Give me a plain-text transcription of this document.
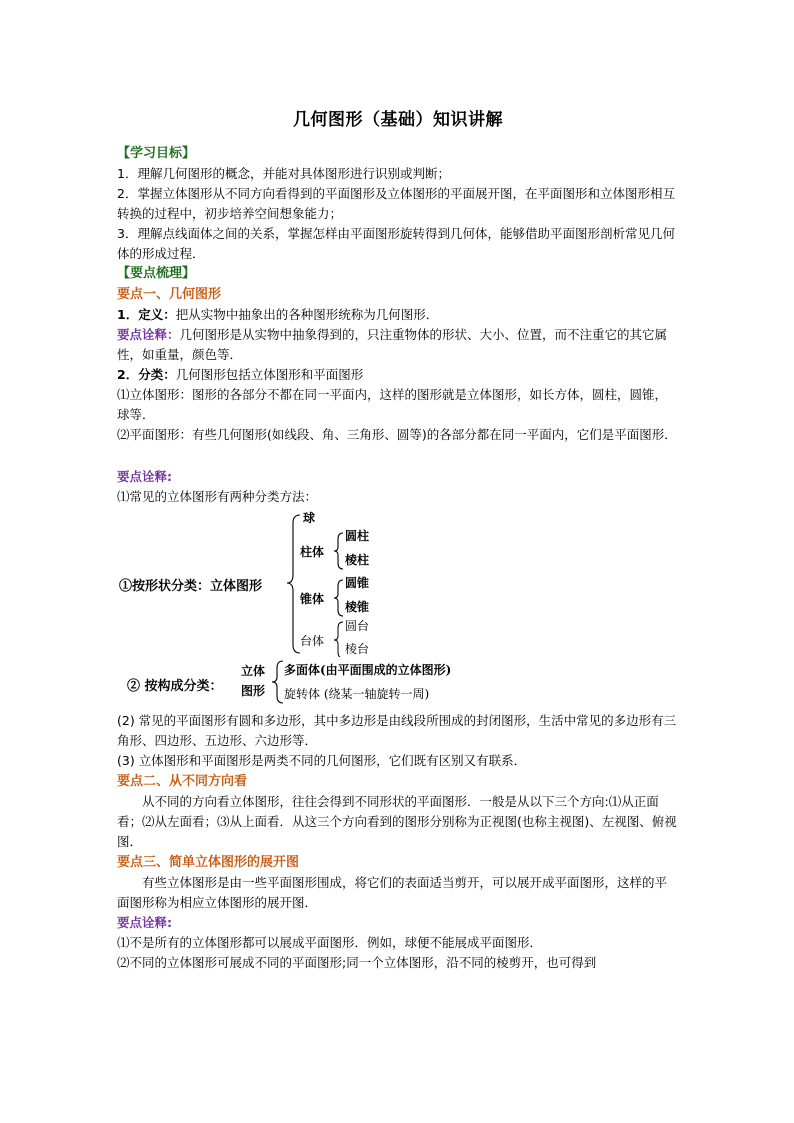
几何图形（基础）知识讲解
【学习目标】

1．理解几何图形的概念，并能对具体图形进行识别或判断；

2．掌握立体图形从不同方向看得到的平面图形及立体图形的平面展开图，在平面图形和立体图形相互转换的过程中，初步培养空间想象能力；

3．理解点线面体之间的关系，掌握怎样由平面图形旋转得到几何体，能够借助平面图形剖析常见几何体的形成过程．

【要点梳理】
要点一、几何图形

1．定义：把从实物中抽象出的各种图形统称为几何图形．

要点诠释：几何图形是从实物中抽象得到的，只注重物体的形状、大小、位置，而不注重它的其它属性，如重量，颜色等．

2．分类：几何图形包括立体图形和平面图形

⑴立体图形：图形的各部分不都在同一平面内，这样的图形就是立体图形，如长方体，圆柱，圆锥，球等．

⑵平面图形：有些几何图形(如线段、角、三角形、圆等)的各部分都在同一平面内，它们是平面图形．

要点诠释:

⑴常见的立体图形有两种分类方法：

①按形状分类：立体图形
球
柱体
圆柱
棱柱
锥体
圆锥
棱锥
台体
圆台
棱台
② 按构成分类：
立体
图形
多面体(由平面围成的立体图形)
旋转体 (绕某一轴旋转一周)

(2) 常见的平面图形有圆和多边形，其中多边形是由线段所围成的封闭图形，生活中常见的多边形有三角形、四边形、五边形、六边形等．

(3) 立体图形和平面图形是两类不同的几何图形，它们既有区别又有联系．

要点二、从不同方向看

从不同的方向看立体图形，往往会得到不同形状的平面图形．一般是从以下三个方向:⑴从正面看；⑵从左面看；⑶从上面看．从这三个方向看到的图形分别称为正视图(也称主视图)、左视图、俯视图．

要点三、简单立体图形的展开图

有些立体图形是由一些平面图形围成，将它们的表面适当剪开，可以展开成平面图形，这样的平面图形称为相应立体图形的展开图．

要点诠释:

⑴不是所有的立体图形都可以展成平面图形．例如，球便不能展成平面图形．

⑵不同的立体图形可展成不同的平面图形;同一个立体图形，沿不同的棱剪开，也可得到
